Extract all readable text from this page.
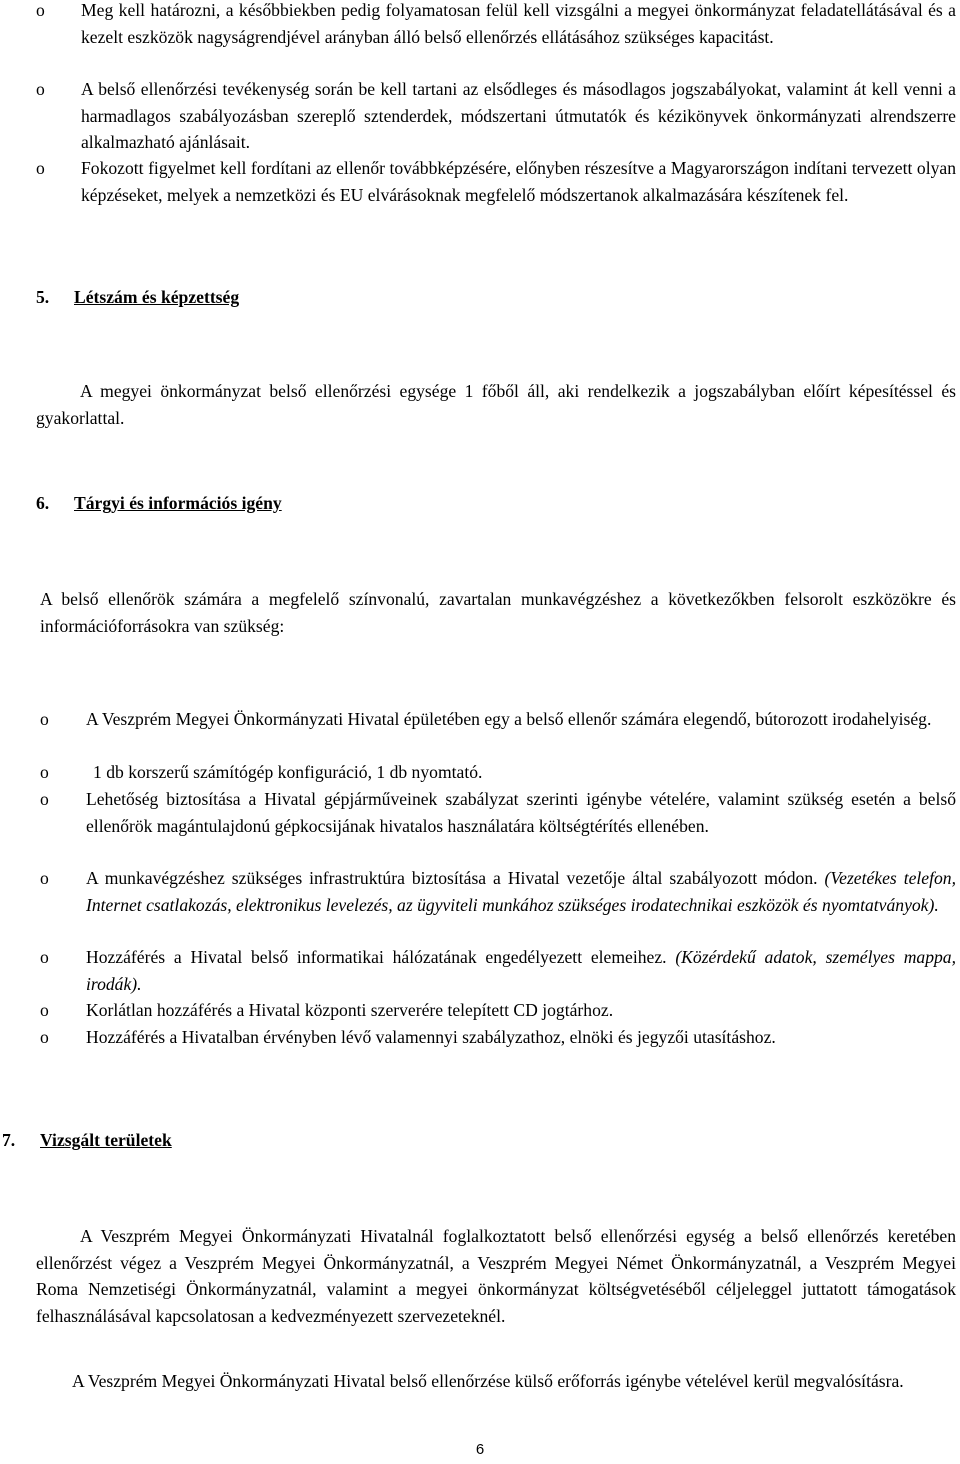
o Meg kell határozni, a későbbiekben pedig folyamatosan felül kell vizsgálni a megyei önkormányzat feladatellátásával és a kezelt eszközök nagyságrendjével arányban álló belső ellenőrzés ellátásához szükséges kapacitást.
o A belső ellenőrzési tevékenység során be kell tartani az elsődleges és másodlagos jogszabályokat, valamint át kell venni a harmadlagos szabályozásban szereplő sztenderdek, módszertani útmutatók és kézikönyvek önkormányzati alrendszerre alkalmazható ajánlásait.
o Fokozott figyelmet kell fordítani az ellenőr továbbképzésére, előnyben részesítve a Magyarországon indítani tervezett olyan képzéseket, melyek a nemzetközi és EU elvárásoknak megfelelő módszertanok alkalmazására készítenek fel.
5. Létszám és képzettség
A megyei önkormányzat belső ellenőrzési egysége 1 főből áll, aki rendelkezik a jogszabályban előírt képesítéssel és gyakorlattal.
6. Tárgyi és információs igény
A belső ellenőrök számára a megfelelő színvonalú, zavartalan munkavégzéshez a következőkben felsorolt eszközökre és információforrásokra van szükség:
o A Veszprém Megyei Önkormányzati Hivatal épületében egy a belső ellenőr számára elegendő, bútorozott irodahelyiség.
o	1 db korszerű számítógép konfiguráció, 1 db nyomtató.
o Lehetőség biztosítása a Hivatal gépjárműveinek szabályzat szerinti igénybe vételére, valamint szükség esetén a belső ellenőrök magántulajdonú gépkocsijának hivatalos használatára költségtérítés ellenében.
o A munkavégzéshez szükséges infrastruktúra biztosítása a Hivatal vezetője által szabályozott módon. (Vezetékes telefon, Internet csatlakozás, elektronikus levelezés, az ügyviteli munkához szükséges irodatechnikai eszközök és nyomtatványok).
o Hozzáférés a Hivatal belső informatikai hálózatának engedélyezett elemeihez. (Közérdekű adatok, személyes mappa, irodák).
o Korlátlan hozzáférés a Hivatal központi szerverére telepített CD jogtárhoz.
o Hozzáférés a Hivatalban érvényben lévő valamennyi szabályzathoz, elnöki és jegyzői utasításhoz.
7. Vizsgált területek
A Veszprém Megyei Önkormányzati Hivatalnál foglalkoztatott belső ellenőrzési egység a belső ellenőrzés keretében ellenőrzést végez a Veszprém Megyei Önkormányzatnál, a Veszprém Megyei Német Önkormányzatnál, a Veszprém Megyei Roma Nemzetiségi Önkormányzatnál, valamint a megyei önkormányzat költségvetéséből céljeleggel juttatott támogatások felhasználásával kapcsolatosan a kedvezményezett szervezeteknél.
A Veszprém Megyei Önkormányzati Hivatal belső ellenőrzése külső erőforrás igénybe vételével kerül megvalósításra.
6
